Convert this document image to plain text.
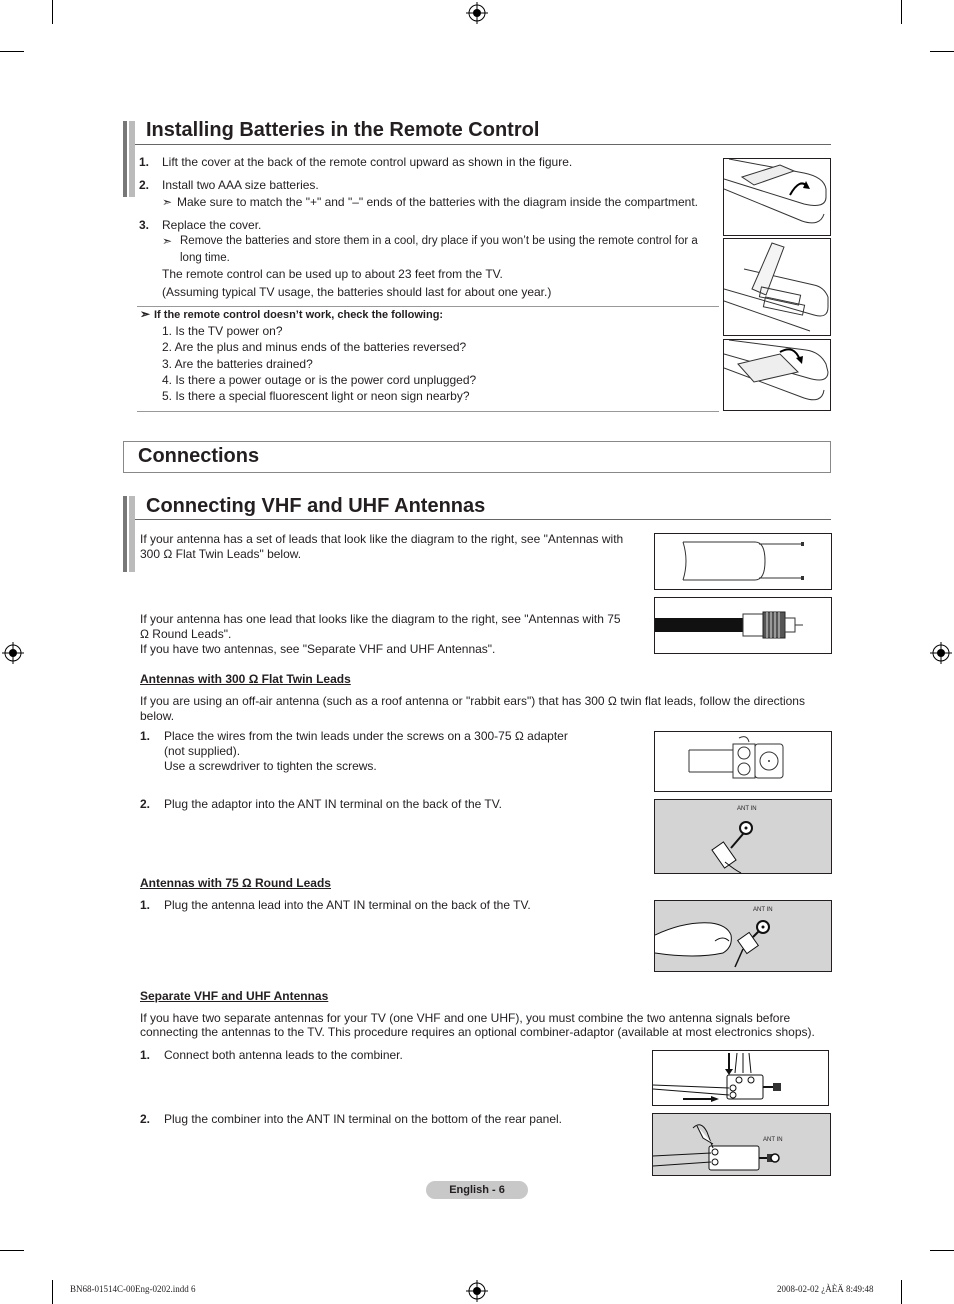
Installing Batteries in the Remote Control
1. Lift the cover at the back of the remote control upward as shown in the figure.
2. Install two AAA size batteries.
➣ Make sure to match the "+" and "–" ends of the batteries with the diagram inside the compartment.
3. Replace the cover.
➣ Remove the batteries and store them in a cool, dry place if you won’t be using the remote control for a
long time.
The remote control can be used up to about 23 feet from the TV.
(Assuming typical TV usage, the batteries should last for about one year.)
➣ If the remote control doesn’t work, check the following:
1. Is the TV power on?
2. Are the plus and minus ends of the batteries reversed?
3. Are the batteries drained?
4. Is there a power outage or is the power cord unplugged?
5. Is there a special fluorescent light or neon sign nearby?
Connections
Connecting VHF and UHF Antennas
If your antenna has a set of leads that look like the diagram to the right, see "Antennas with
300 Ω Flat Twin Leads" below.
If your antenna has one lead that looks like the diagram to the right, see "Antennas with 75
Ω Round Leads".
If you have two antennas, see "Separate VHF and UHF Antennas".
Antennas with 300 Ω Flat Twin Leads
If you are using an off-air antenna (such as a roof antenna or "rabbit ears") that has 300 Ω twin flat leads, follow the directions
below.
1. Place the wires from the twin leads under the screws on a 300-75 Ω adapter
(not supplied).
Use a screwdriver to tighten the screws.
2. Plug the adaptor into the ANT IN terminal on the back of the TV.	ANT IN
Antennas with 75 Ω Round Leads
1. Plug the antenna lead into the ANT IN terminal on the back of the TV.	ANT IN
Separate VHF and UHF Antennas
If you have two separate antennas for your TV (one VHF and one UHF), you must combine the two antenna signals before
connecting the antennas to the TV. This procedure requires an optional combiner-adaptor (available at most electronics shops).
1. Connect both antenna leads to the combiner.
2. Plug the combiner into the ANT IN terminal on the bottom of the rear panel.
ANT IN
English - 6
BN68-01514C-00Eng-0202.indd 6	2008-02-02 ¿ÀÈÄ 8:49:48
